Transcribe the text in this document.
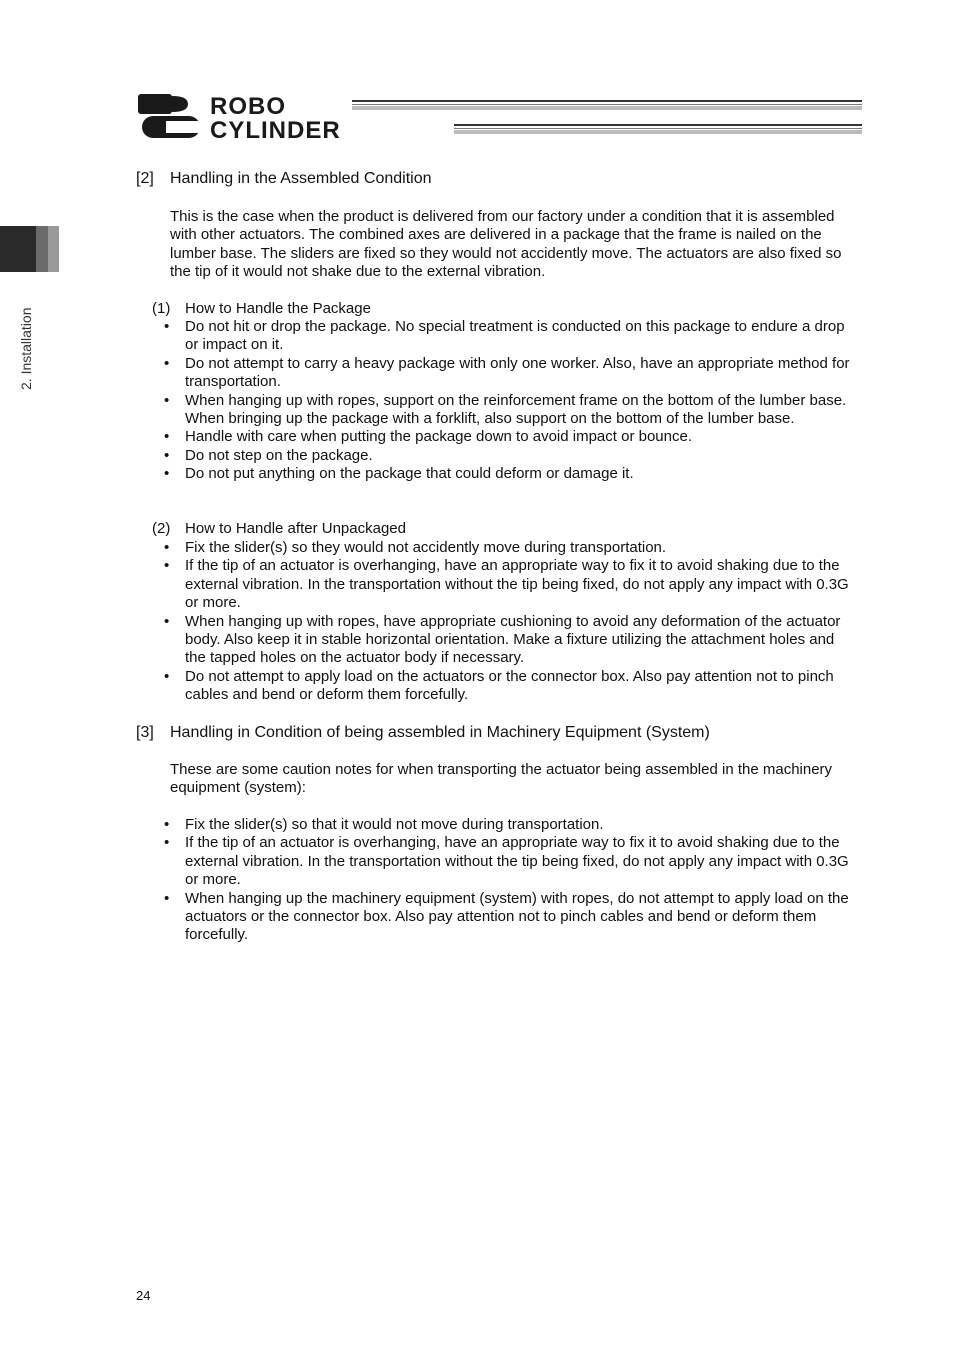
ROBO
CYLINDER
2. Installation
[2] Handling in the Assembled Condition
This is the case when the product is delivered from our factory under a condition that it is assembled with other actuators. The combined axes are delivered in a package that the frame is nailed on the lumber base. The sliders are fixed so they would not accidently move. The actuators are also fixed so the tip of it would not shake due to the external vibration.
(1) How to Handle the Package
• Do not hit or drop the package. No special treatment is conducted on this package to endure a drop or impact on it.
• Do not attempt to carry a heavy package with only one worker. Also, have an appropriate method for transportation.
• When hanging up with ropes, support on the reinforcement frame on the bottom of the lumber base. When bringing up the package with a forklift, also support on the bottom of the lumber base.
• Handle with care when putting the package down to avoid impact or bounce.
• Do not step on the package.
• Do not put anything on the package that could deform or damage it.
(2) How to Handle after Unpackaged
• Fix the slider(s) so they would not accidently move during transportation.
• If the tip of an actuator is overhanging, have an appropriate way to fix it to avoid shaking due to the external vibration. In the transportation without the tip being fixed, do not apply any impact with 0.3G or more.
• When hanging up with ropes, have appropriate cushioning to avoid any deformation of the actuator body. Also keep it in stable horizontal orientation. Make a fixture utilizing the attachment holes and the tapped holes on the actuator body if necessary.
• Do not attempt to apply load on the actuators or the connector box. Also pay attention not to pinch cables and bend or deform them forcefully.
[3] Handling in Condition of being assembled in Machinery Equipment (System)
These are some caution notes for when transporting the actuator being assembled in the machinery equipment (system):
• Fix the slider(s) so that it would not move during transportation.
• If the tip of an actuator is overhanging, have an appropriate way to fix it to avoid shaking due to the external vibration. In the transportation without the tip being fixed, do not apply any impact with 0.3G or more.
• When hanging up the machinery equipment (system) with ropes, do not attempt to apply load on the actuators or the connector box. Also pay attention not to pinch cables and bend or deform them forcefully.
24
